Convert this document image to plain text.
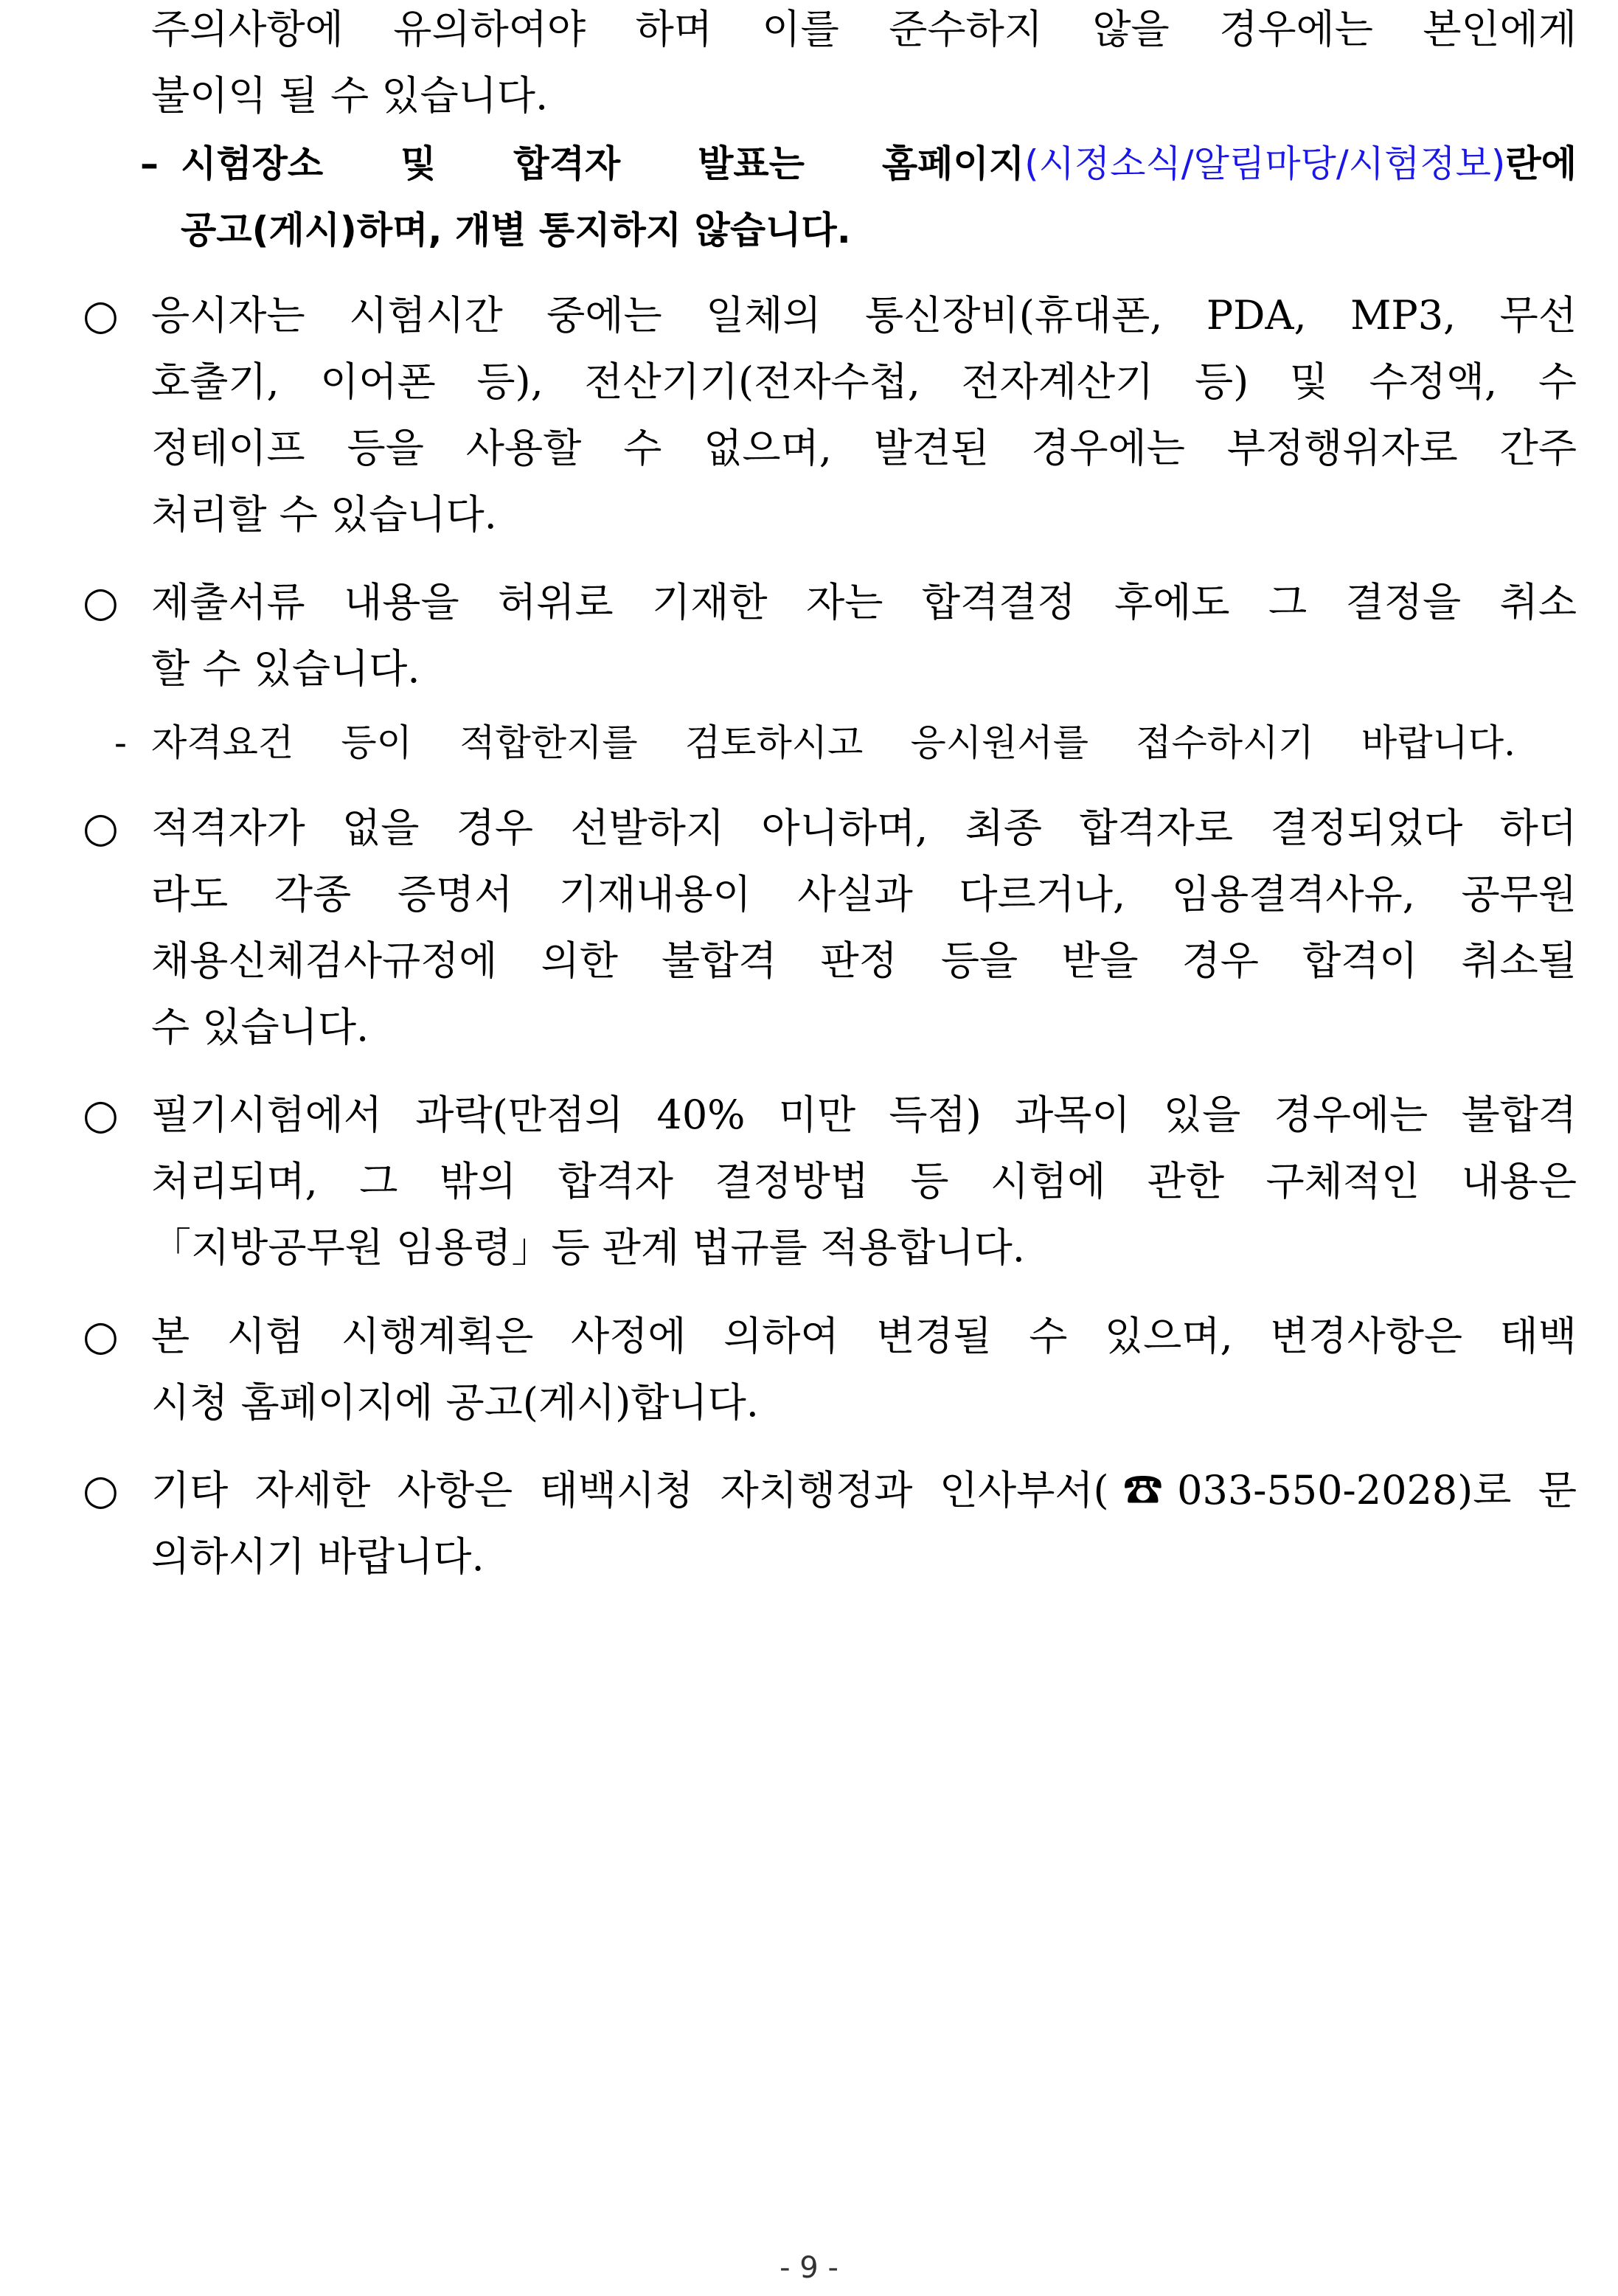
주의사항에 유의하여야 하며 이를 준수하지 않을 경우에는 본인에게
불이익 될 수 있습니다.
– 시험장소 및 합격자 발표는 홈페이지(시정소식/알림마당/시험정보)란에
공고(게시)하며, 개별 통지하지 않습니다.
○ 응시자는 시험시간 중에는 일체의 통신장비(휴대폰, PDA, MP3, 무선
호출기, 이어폰 등), 전산기기(전자수첩, 전자계산기 등) 및 수정액, 수
정테이프 등을 사용할 수 없으며, 발견된 경우에는 부정행위자로 간주
처리할 수 있습니다.
○ 제출서류 내용을 허위로 기재한 자는 합격결정 후에도 그 결정을 취소
할 수 있습니다.
- 자격요건 등이 적합한지를 검토하시고 응시원서를 접수하시기 바랍니다.
○ 적격자가 없을 경우 선발하지 아니하며, 최종 합격자로 결정되었다 하더
라도 각종 증명서 기재내용이 사실과 다르거나, 임용결격사유, 공무원
채용신체검사규정에 의한 불합격 판정 등을 받을 경우 합격이 취소될
수 있습니다.
○ 필기시험에서 과락(만점의 40% 미만 득점) 과목이 있을 경우에는 불합격
처리되며, 그 밖의 합격자 결정방법 등 시험에 관한 구체적인 내용은
「지방공무원 임용령」등 관계 법규를 적용합니다.
○ 본 시험 시행계획은 사정에 의하여 변경될 수 있으며, 변경사항은 태백
시청 홈페이지에 공고(게시)합니다.
○ 기타 자세한 사항은 태백시청 자치행정과 인사부서(☎033-550-2028)로 문
의하시기 바랍니다.
- 9 -
